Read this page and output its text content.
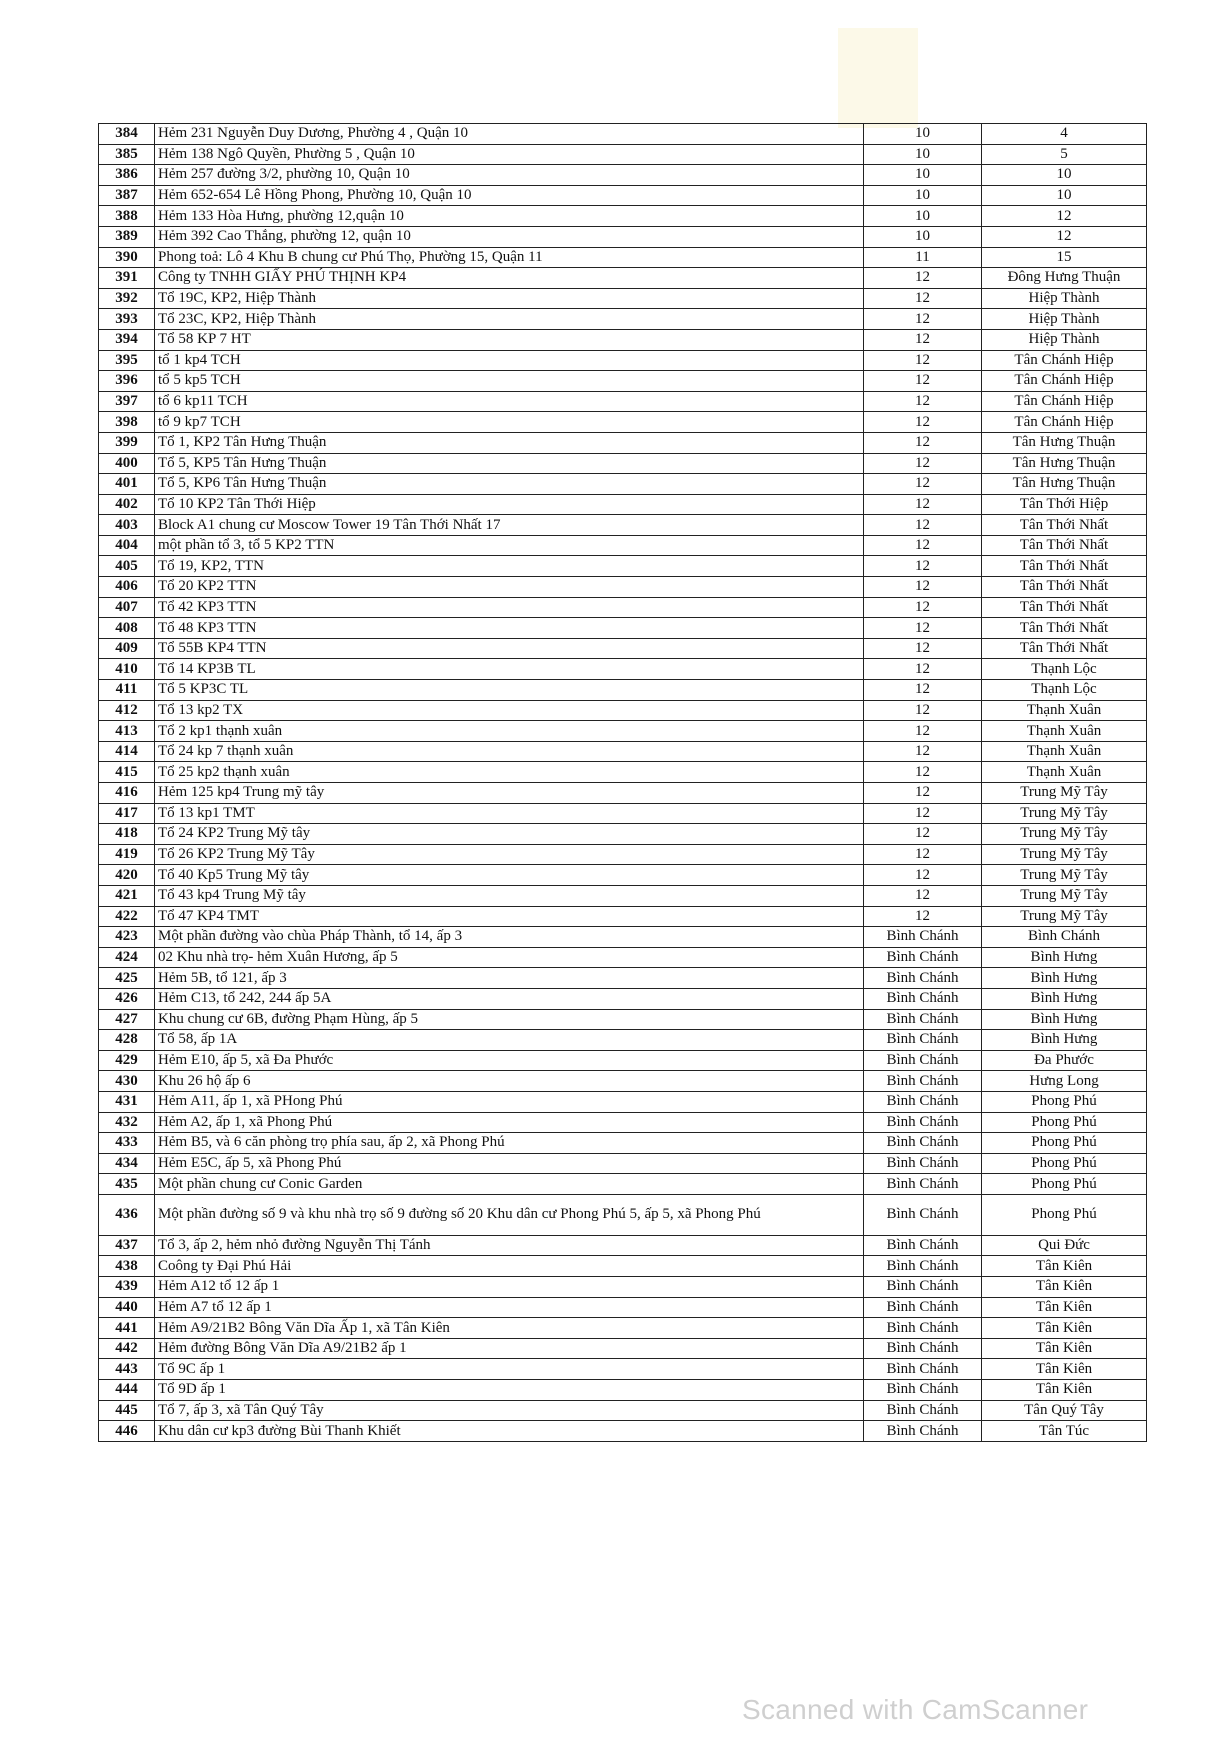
384	Hẻm 231 Nguyễn Duy Dương, Phường 4 , Quận 10	10	4
385	Hẻm 138 Ngô Quyền, Phường 5 , Quận 10	10	5
386	Hẻm 257 đường 3/2, phường 10, Quận 10	10	10
387	Hẻm 652-654 Lê Hồng Phong, Phường 10, Quận 10	10	10
388	Hẻm 133 Hòa Hưng, phường 12,quận 10	10	12
389	Hẻm 392 Cao Thắng, phường 12, quận 10	10	12
390	Phong toả: Lô 4 Khu B chung cư Phú Thọ, Phường 15, Quận 11	11	15
391	Công ty TNHH GIẤY PHÚ THỊNH KP4	12	Đông Hưng Thuận
392	Tổ 19C, KP2, Hiệp Thành	12	Hiệp Thành
393	Tổ 23C, KP2, Hiệp Thành	12	Hiệp Thành
394	Tổ 58 KP 7 HT	12	Hiệp Thành
395	tổ 1 kp4 TCH	12	Tân Chánh Hiệp
396	tổ 5 kp5 TCH	12	Tân Chánh Hiệp
397	tổ 6 kp11 TCH	12	Tân Chánh Hiệp
398	tổ 9 kp7 TCH	12	Tân Chánh Hiệp
399	Tổ 1, KP2 Tân Hưng Thuận	12	Tân Hưng Thuận
400	Tổ 5, KP5 Tân Hưng Thuận	12	Tân Hưng Thuận
401	Tổ 5, KP6 Tân Hưng Thuận	12	Tân Hưng Thuận
402	Tổ 10 KP2 Tân Thới Hiệp	12	Tân Thới Hiệp
403	Block A1 chung cư Moscow Tower 19 Tân Thới Nhất 17	12	Tân Thới Nhất
404	một phần tổ 3, tổ 5 KP2 TTN	12	Tân Thới Nhất
405	Tổ 19, KP2, TTN	12	Tân Thới Nhất
406	Tổ 20 KP2 TTN	12	Tân Thới Nhất
407	Tổ 42 KP3 TTN	12	Tân Thới Nhất
408	Tổ 48 KP3 TTN	12	Tân Thới Nhất
409	Tổ 55B KP4 TTN	12	Tân Thới Nhất
410	Tổ 14 KP3B TL	12	Thạnh Lộc
411	Tổ 5 KP3C TL	12	Thạnh Lộc
412	Tổ 13 kp2 TX	12	Thạnh Xuân
413	Tổ 2 kp1 thạnh xuân	12	Thạnh Xuân
414	Tổ 24 kp 7 thạnh xuân	12	Thạnh Xuân
415	Tổ 25 kp2 thạnh xuân	12	Thạnh Xuân
416	Hẻm 125 kp4 Trung mỹ tây	12	Trung Mỹ Tây
417	Tổ 13 kp1 TMT	12	Trung Mỹ Tây
418	Tổ 24 KP2 Trung Mỹ tây	12	Trung Mỹ Tây
419	Tổ 26 KP2 Trung Mỹ Tây	12	Trung Mỹ Tây
420	Tổ 40 Kp5 Trung Mỹ tây	12	Trung Mỹ Tây
421	Tổ 43 kp4 Trung Mỹ tây	12	Trung Mỹ Tây
422	Tổ 47 KP4 TMT	12	Trung Mỹ Tây
423	Một phần đường vào chùa Pháp Thành, tổ 14, ấp 3	Bình Chánh	Bình Chánh
424	02 Khu nhà trọ- hẻm Xuân Hương, ấp 5	Bình Chánh	Bình Hưng
425	Hẻm 5B, tổ 121, ấp 3	Bình Chánh	Bình Hưng
426	Hẻm C13, tổ 242, 244 ấp 5A	Bình Chánh	Bình Hưng
427	Khu chung cư 6B, đường Phạm Hùng, ấp 5	Bình Chánh	Bình Hưng
428	Tổ 58, ấp 1A	Bình Chánh	Bình Hưng
429	Hẻm E10, ấp 5, xã Đa Phước	Bình Chánh	Đa Phước
430	Khu 26 hộ ấp 6	Bình Chánh	Hưng Long
431	Hẻm A11, ấp 1, xã PHong Phú	Bình Chánh	Phong Phú
432	Hẻm A2, ấp 1, xã Phong Phú	Bình Chánh	Phong Phú
433	Hẻm B5, và 6 căn phòng trọ phía sau, ấp 2, xã Phong Phú	Bình Chánh	Phong Phú
434	Hẻm E5C, ấp 5, xã Phong Phú	Bình Chánh	Phong Phú
435	Một phần chung cư Conic Garden	Bình Chánh	Phong Phú
436	Một phần đường số 9 và khu nhà trọ số 9 đường số 20 Khu dân cư Phong Phú 5, ấp 5, xã Phong Phú	Bình Chánh	Phong Phú
437	Tổ 3, ấp 2, hẻm nhỏ đường Nguyễn Thị Tánh	Bình Chánh	Qui Đức
438	Coông ty Đại Phú Hải	Bình Chánh	Tân Kiên
439	Hẻm A12 tổ 12 ấp 1	Bình Chánh	Tân Kiên
440	Hẻm A7 tổ 12 ấp 1	Bình Chánh	Tân Kiên
441	Hẻm A9/21B2 Bông Văn Dĩa Ấp 1, xã Tân Kiên	Bình Chánh	Tân Kiên
442	Hẻm đường Bông Văn Dĩa A9/21B2 ấp 1	Bình Chánh	Tân Kiên
443	Tổ 9C ấp 1	Bình Chánh	Tân Kiên
444	Tổ 9D ấp 1	Bình Chánh	Tân Kiên
445	Tổ 7, ấp 3, xã Tân Quý Tây	Bình Chánh	Tân Quý Tây
446	Khu dân cư kp3 đường Bùi Thanh Khiết	Bình Chánh	Tân Túc
Scanned with CamScanner
